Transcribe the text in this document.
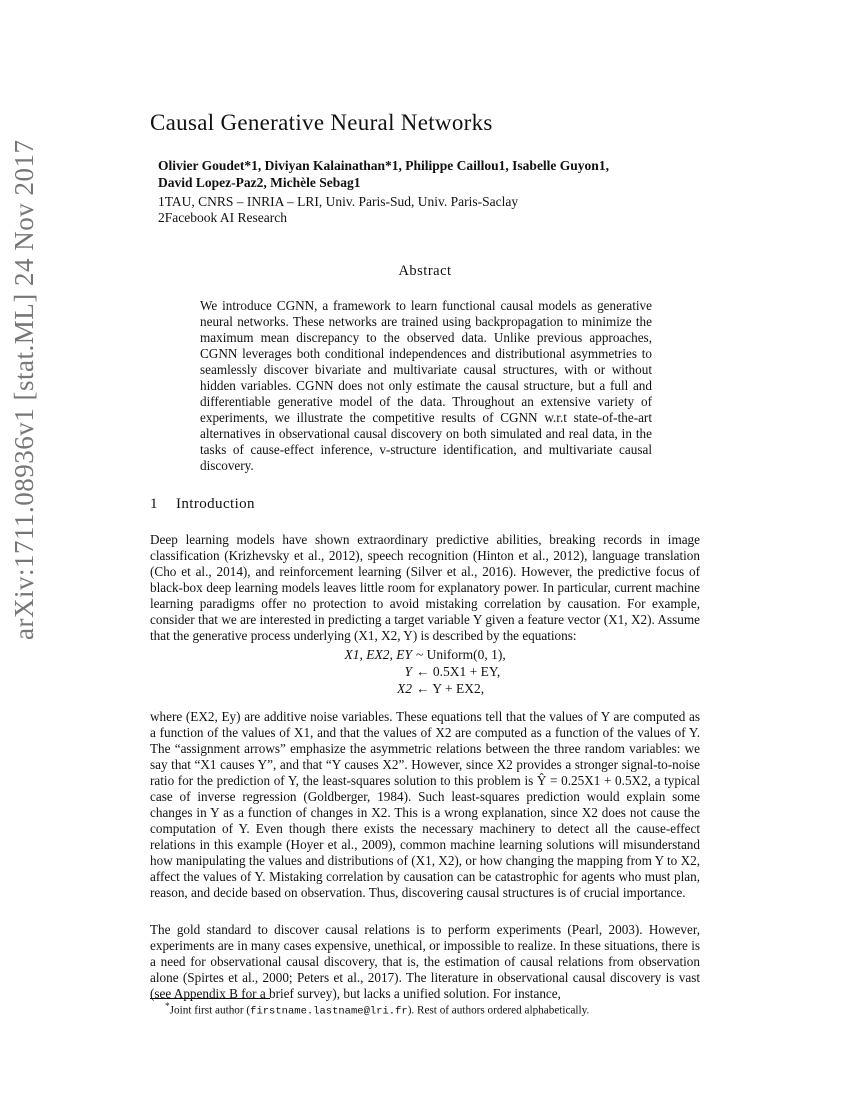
arXiv:1711.08936v1 [stat.ML] 24 Nov 2017
Causal Generative Neural Networks
Olivier Goudet*1, Diviyan Kalainathan*1, Philippe Caillou1, Isabelle Guyon1,
David Lopez-Paz2, Michèle Sebag1
1TAU, CNRS – INRIA – LRI, Univ. Paris-Sud, Univ. Paris-Saclay
2Facebook AI Research
Abstract
We introduce CGNN, a framework to learn functional causal models as generative neural networks. These networks are trained using backpropagation to minimize the maximum mean discrepancy to the observed data. Unlike previous approaches, CGNN leverages both conditional independences and distributional asymmetries to seamlessly discover bivariate and multivariate causal structures, with or without hidden variables. CGNN does not only estimate the causal structure, but a full and differentiable generative model of the data. Throughout an extensive variety of experiments, we illustrate the competitive results of CGNN w.r.t state-of-the-art alternatives in observational causal discovery on both simulated and real data, in the tasks of cause-effect inference, v-structure identification, and multivariate causal discovery.
1 Introduction
Deep learning models have shown extraordinary predictive abilities, breaking records in image classification (Krizhevsky et al., 2012), speech recognition (Hinton et al., 2012), language translation (Cho et al., 2014), and reinforcement learning (Silver et al., 2016). However, the predictive focus of black-box deep learning models leaves little room for explanatory power. In particular, current machine learning paradigms offer no protection to avoid mistaking correlation by causation. For example, consider that we are interested in predicting a target variable Y given a feature vector (X1, X2). Assume that the generative process underlying (X1, X2, Y) is described by the equations:
X1, EX2, EY ~ Uniform(0, 1),
Y ← 0.5X1 + EY,
X2 ← Y + EX2,
where (EX2, Ey) are additive noise variables. These equations tell that the values of Y are computed as a function of the values of X1, and that the values of X2 are computed as a function of the values of Y. The “assignment arrows” emphasize the asymmetric relations between the three random variables: we say that “X1 causes Y”, and that “Y causes X2”. However, since X2 provides a stronger signal-to-noise ratio for the prediction of Y, the least-squares solution to this problem is Ŷ = 0.25X1 + 0.5X2, a typical case of inverse regression (Goldberger, 1984). Such least-squares prediction would explain some changes in Y as a function of changes in X2. This is a wrong explanation, since X2 does not cause the computation of Y. Even though there exists the necessary machinery to detect all the cause-effect relations in this example (Hoyer et al., 2009), common machine learning solutions will misunderstand how manipulating the values and distributions of (X1, X2), or how changing the mapping from Y to X2, affect the values of Y. Mistaking correlation by causation can be catastrophic for agents who must plan, reason, and decide based on observation. Thus, discovering causal structures is of crucial importance.
The gold standard to discover causal relations is to perform experiments (Pearl, 2003). However, experiments are in many cases expensive, unethical, or impossible to realize. In these situations, there is a need for observational causal discovery, that is, the estimation of causal relations from observation alone (Spirtes et al., 2000; Peters et al., 2017). The literature in observational causal discovery is vast (see Appendix B for a brief survey), but lacks a unified solution. For instance,
*Joint first author (firstname.lastname@lri.fr). Rest of authors ordered alphabetically.
